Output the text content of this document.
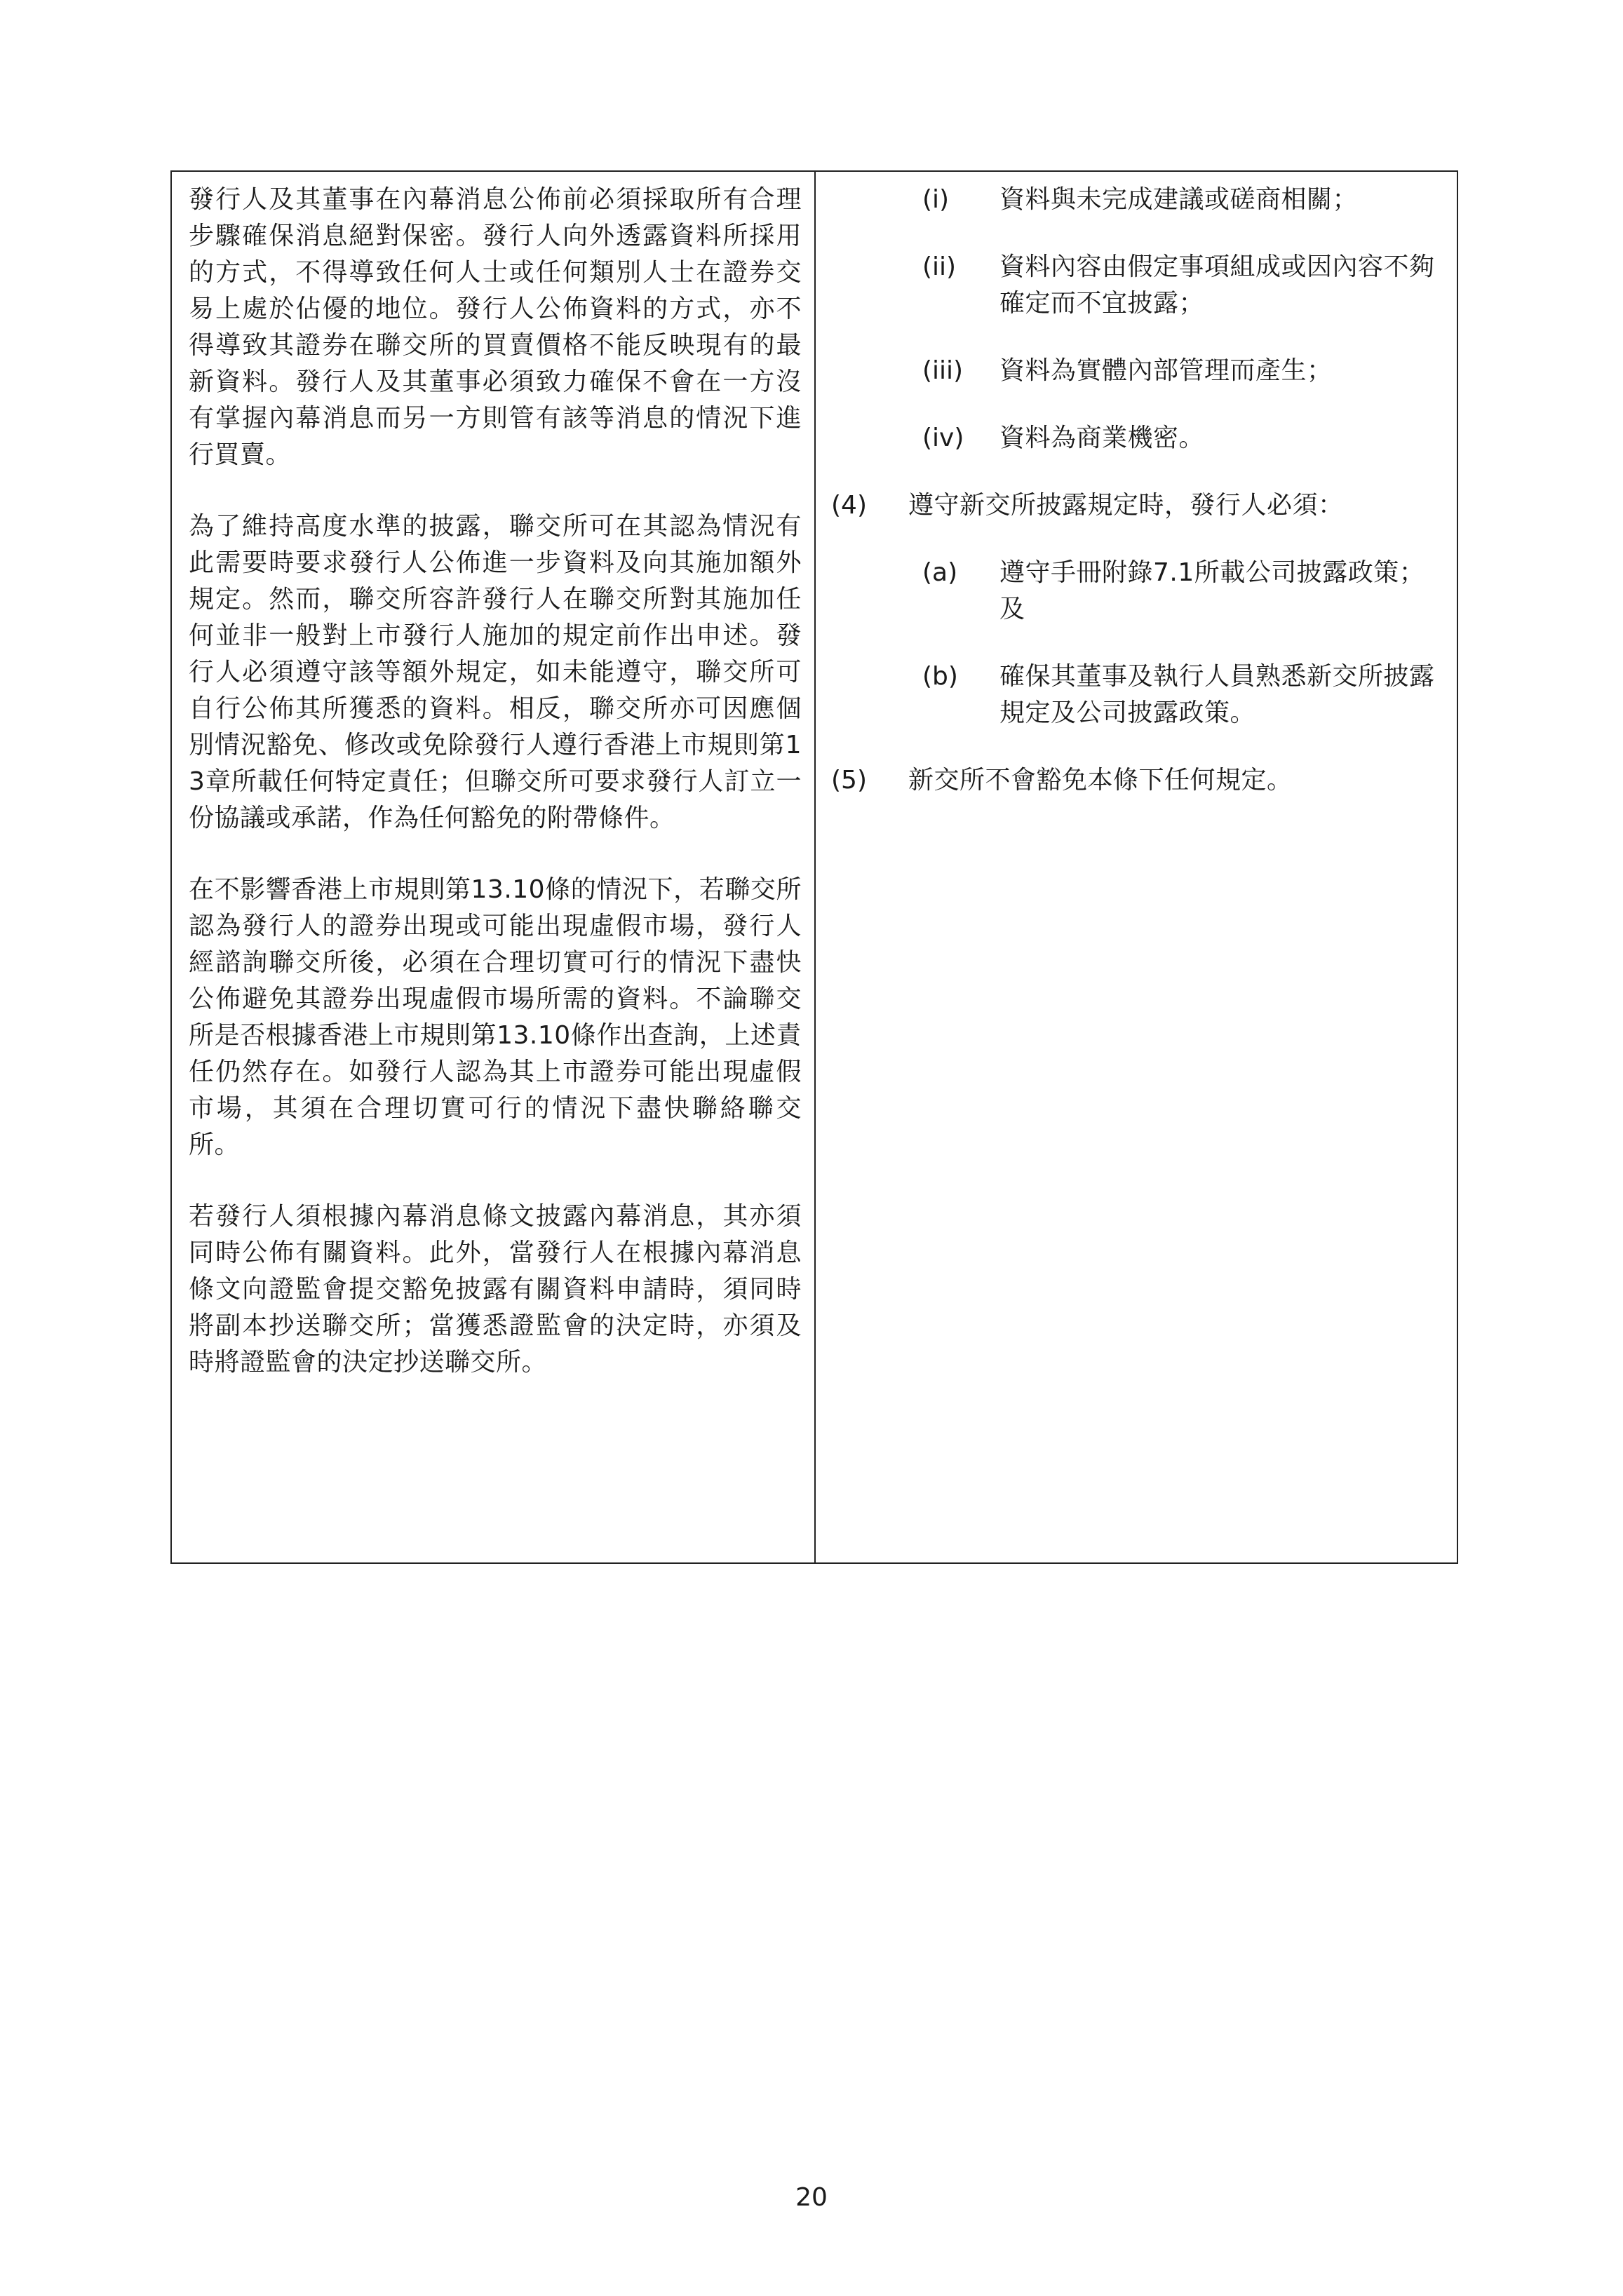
發行人及其董事在內幕消息公佈前必須採取所有合理步驟確保消息絕對保密。發行人向外透露資料所採用的方式，不得導致任何人士或任何類別人士在證券交易上處於佔優的地位。發行人公佈資料的方式，亦不得導致其證券在聯交所的買賣價格不能反映現有的最新資料。發行人及其董事必須致力確保不會在一方沒有掌握內幕消息而另一方則管有該等消息的情況下進行買賣。

為了維持高度水準的披露，聯交所可在其認為情況有此需要時要求發行人公佈進一步資料及向其施加額外規定。然而，聯交所容許發行人在聯交所對其施加任何並非一般對上市發行人施加的規定前作出申述。發行人必須遵守該等額外規定，如未能遵守，聯交所可自行公佈其所獲悉的資料。相反，聯交所亦可因應個別情況豁免、修改或免除發行人遵行香港上市規則第13章所載任何特定責任；但聯交所可要求發行人訂立一份協議或承諾，作為任何豁免的附帶條件。

在不影響香港上市規則第13.10條的情況下，若聯交所認為發行人的證券出現或可能出現虛假市場，發行人經諮詢聯交所後，必須在合理切實可行的情況下盡快公佈避免其證券出現虛假市場所需的資料。不論聯交所是否根據香港上市規則第13.10條作出查詢，上述責任仍然存在。如發行人認為其上市證券可能出現虛假市場，其須在合理切實可行的情況下盡快聯絡聯交所。

若發行人須根據內幕消息條文披露內幕消息，其亦須同時公佈有關資料。此外，當發行人在根據內幕消息條文向證監會提交豁免披露有關資料申請時，須同時將副本抄送聯交所；當獲悉證監會的決定時，亦須及時將證監會的決定抄送聯交所。

(i)	資料與未完成建議或磋商相關；
(ii)	資料內容由假定事項組成或因內容不夠確定而不宜披露；
(iii)	資料為實體內部管理而產生；
(iv)	資料為商業機密。
(4)	遵守新交所披露規定時，發行人必須：
(a)	遵守手冊附錄7.1所載公司披露政策；及
(b)	確保其董事及執行人員熟悉新交所披露規定及公司披露政策。
(5)	新交所不會豁免本條下任何規定。
20
